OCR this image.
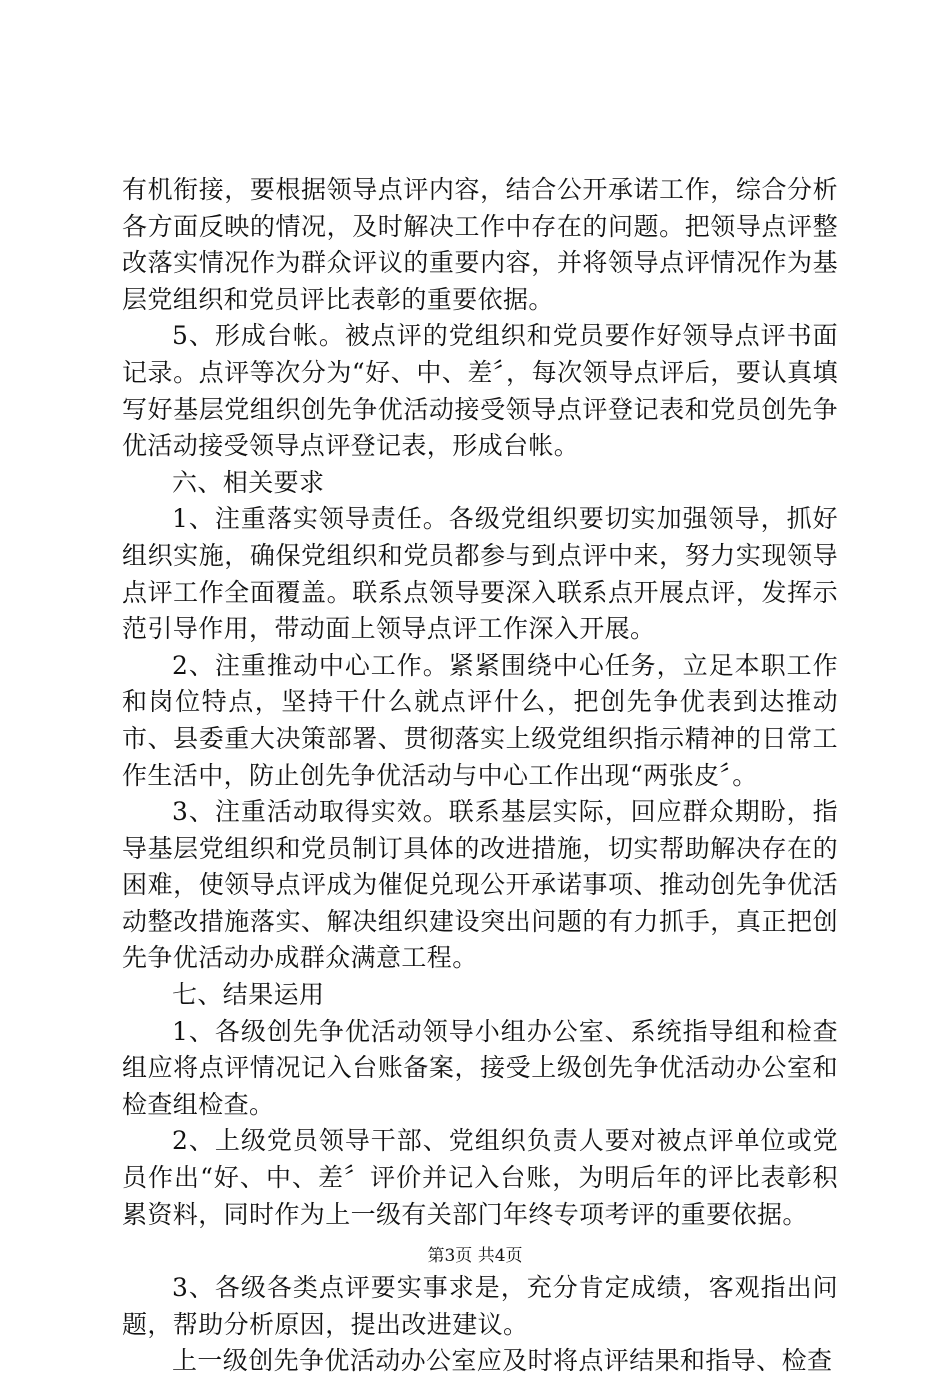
有机衔接，要根据领导点评内容，结合公开承诺工作，综合分析各方面反映的情况，及时解决工作中存在的问题。把领导点评整改落实情况作为群众评议的重要内容，并将领导点评情况作为基层党组织和党员评比表彰的重要依据。

5、形成台帐。被点评的党组织和党员要作好领导点评书面记录。点评等次分为“好、中、差〞，每次领导点评后，要认真填写好基层党组织创先争优活动接受领导点评登记表和党员创先争优活动接受领导点评登记表，形成台帐。

六、相关要求

1、注重落实领导责任。各级党组织要切实加强领导，抓好组织实施，确保党组织和党员都参与到点评中来，努力实现领导点评工作全面覆盖。联系点领导要深入联系点开展点评，发挥示范引导作用，带动面上领导点评工作深入开展。

2、注重推动中心工作。紧紧围绕中心任务，立足本职工作和岗位特点，坚持干什么就点评什么，把创先争优表到达推动市、县委重大决策部署、贯彻落实上级党组织指示精神的日常工作生活中，防止创先争优活动与中心工作出现“两张皮〞。

3、注重活动取得实效。联系基层实际，回应群众期盼，指导基层党组织和党员制订具体的改进措施，切实帮助解决存在的困难，使领导点评成为催促兑现公开承诺事项、推动创先争优活动整改措施落实、解决组织建设突出问题的有力抓手，真正把创先争优活动办成群众满意工程。

七、结果运用

1、各级创先争优活动领导小组办公室、系统指导组和检查组应将点评情况记入台账备案，接受上级创先争优活动办公室和检查组检查。

2、上级党员领导干部、党组织负责人要对被点评单位或党员作出“好、中、差〞评价并记入台账，为明后年的评比表彰积累资料，同时作为上一级有关部门年终专项考评的重要依据。

3、各级各类点评要实事求是，充分肯定成绩，客观指出问题，帮助分析原因，提出改进建议。

上一级创先争优活动办公室应及时将点评结果和指导、检查

第3页 共4页
